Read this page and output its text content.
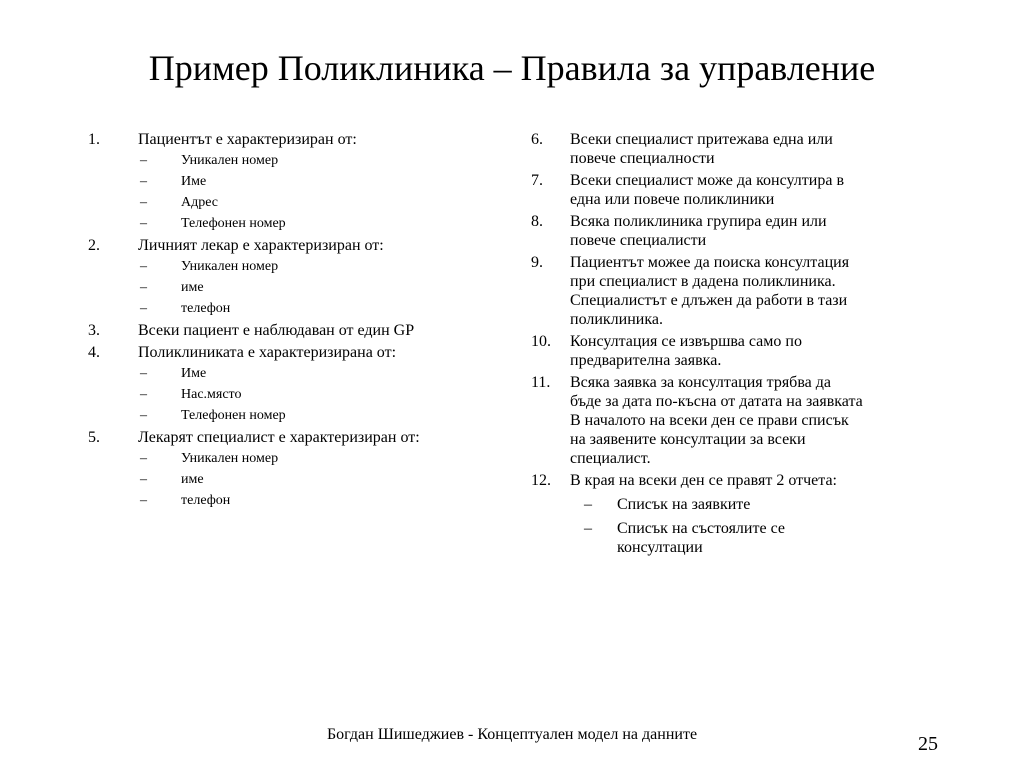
Пример Поликлиника – Правила за управление
1.	Пациентът е характеризиран от:
–	Уникален номер
–	Име
–	Адрес
–	Телефонен номер
2.	Личният лекар е характеризиран от:
–	Уникален номер
–	име
–	телефон
3.	Всеки пациент е наблюдаван от един GP
4.	Поликлиниката е характеризирана от:
–	Име
–	Нас.място
–	Телефонен номер
5.	Лекарят специалист е характеризиран от:
–	Уникален номер
–	име
–	телефон
6.	Всеки специалист притежава една или
повече специалности
7.	Всеки специалист може да консултира в
една или повече поликлиники
8.	Всяка поликлиника групира един или
повече специалисти
9.	Пациентът можее да поиска консултация
при специалист в дадена поликлиника.
Специалистът е длъжен да работи в тази
поликлиника.
10.	Консултация се извършва само по
предварителна заявка.
11.	Всяка заявка за консултация трябва да
бъде за дата по-късна от датата на заявката
В началото на всеки ден се прави списък
на заявените консултации за всеки
специалист.
12.	В края на всеки ден се правят 2 отчета:
–	Списък на заявките
–	Списък на състоялите се
консултации
Богдан Шишеджиев - Концептуален модел на данните	25
